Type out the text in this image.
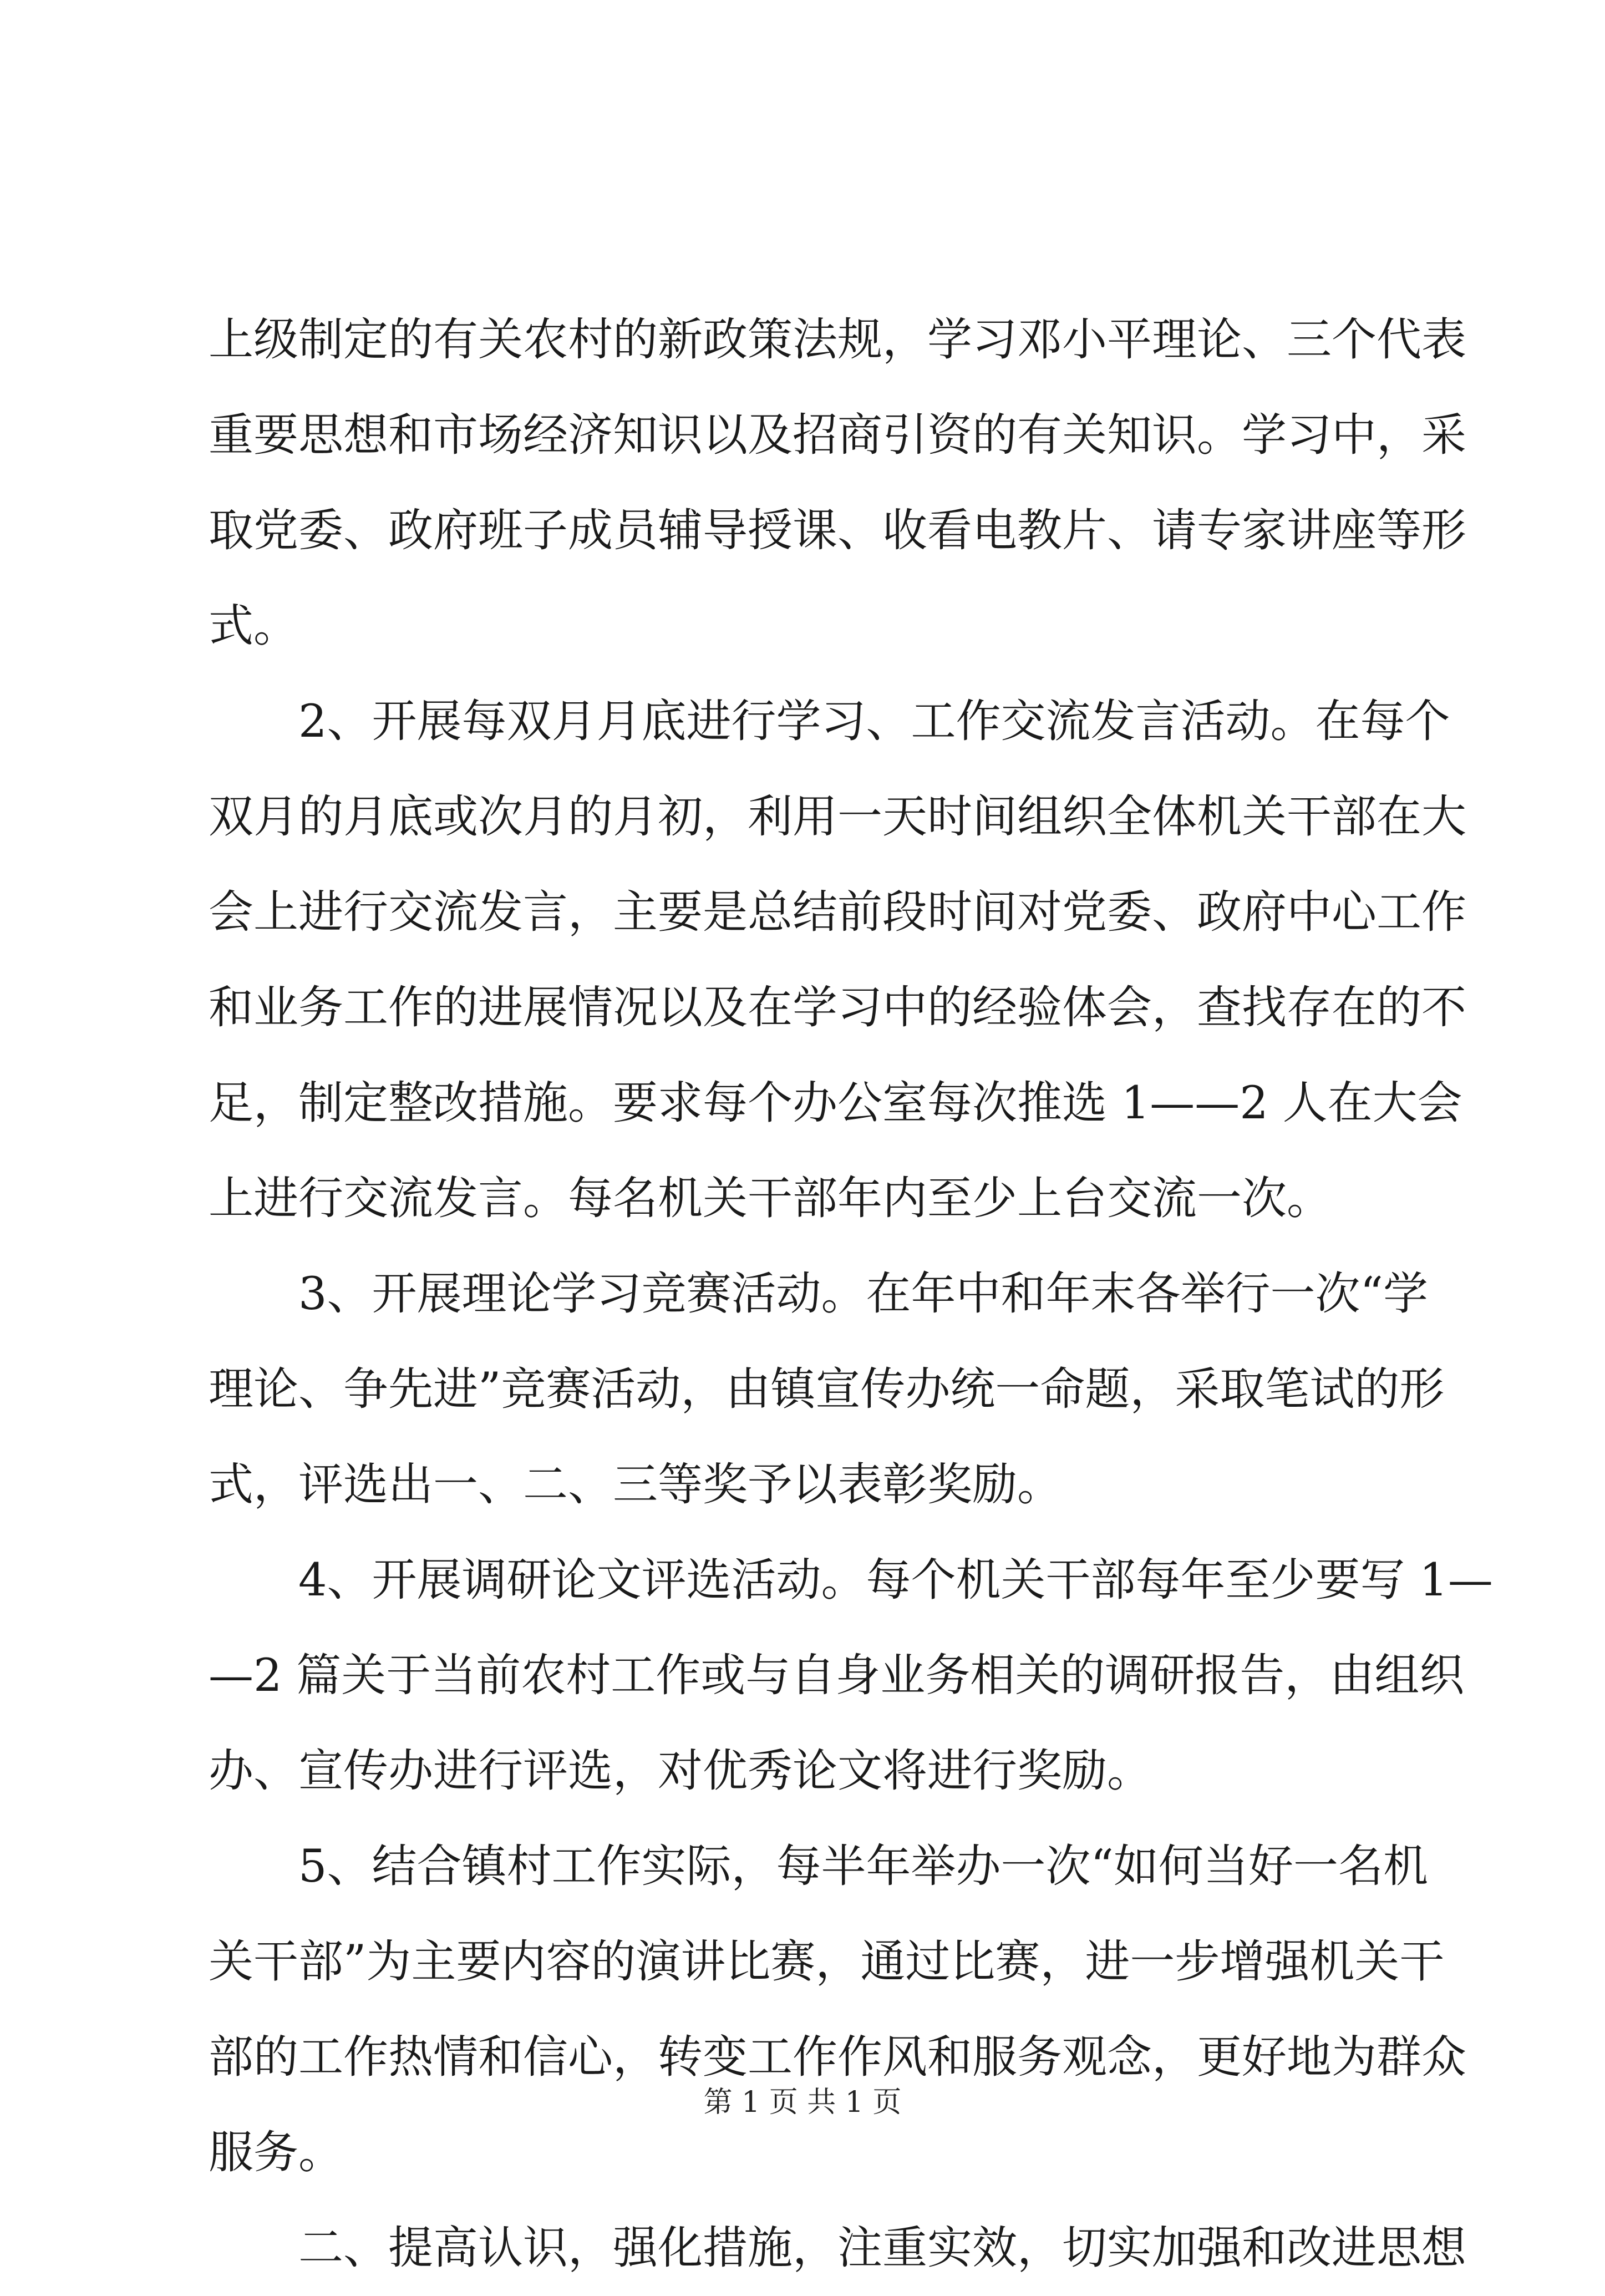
上级制定的有关农村的新政策法规，学习邓小平理论、三个代表
重要思想和市场经济知识以及招商引资的有关知识。学习中，采
取党委、政府班子成员辅导授课、收看电教片、请专家讲座等形
式。
　　2、开展每双月月底进行学习、工作交流发言活动。在每个
双月的月底或次月的月初，利用一天时间组织全体机关干部在大
会上进行交流发言，主要是总结前段时间对党委、政府中心工作
和业务工作的进展情况以及在学习中的经验体会，查找存在的不
足，制定整改措施。要求每个办公室每次推选 1——2 人在大会
上进行交流发言。每名机关干部年内至少上台交流一次。
　　3、开展理论学习竞赛活动。在年中和年末各举行一次“学
理论、争先进”竞赛活动，由镇宣传办统一命题，采取笔试的形
式，评选出一、二、三等奖予以表彰奖励。
　　4、开展调研论文评选活动。每个机关干部每年至少要写 1—
—2 篇关于当前农村工作或与自身业务相关的调研报告，由组织
办、宣传办进行评选，对优秀论文将进行奖励。
　　5、结合镇村工作实际，每半年举办一次“如何当好一名机
关干部”为主要内容的演讲比赛，通过比赛，进一步增强机关干
部的工作热情和信心，转变工作作风和服务观念，更好地为群众
服务。
　　二、提高认识，强化措施，注重实效，切实加强和改进思想
第 1 页 共 1 页
